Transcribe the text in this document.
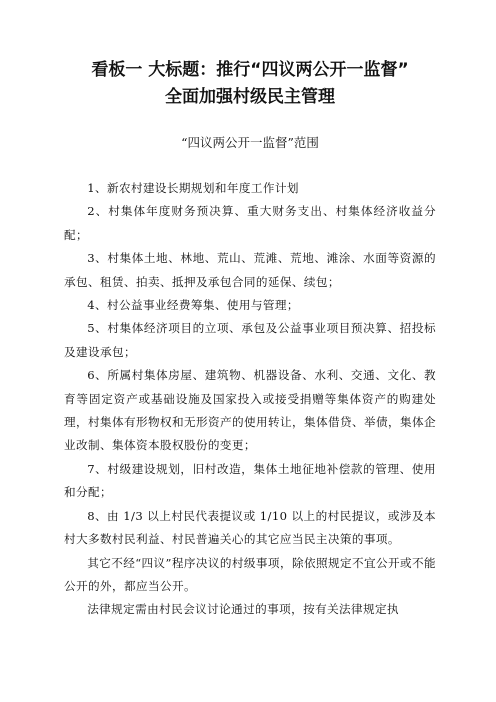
看板一 大标题：推行“四议两公开一监督”
全面加强村级民主管理
“四议两公开一监督”范围

1、新农村建设长期规划和年度工作计划

2、村集体年度财务预决算、重大财务支出、村集体经济收益分配；

3、村集体土地、林地、荒山、荒滩、荒地、滩涂、水面等资源的承包、租赁、拍卖、抵押及承包合同的延保、续包；

4、村公益事业经费筹集、使用与管理；

5、村集体经济项目的立项、承包及公益事业项目预决算、招投标及建设承包；

6、所属村集体房屋、建筑物、机器设备、水利、交通、文化、教育等固定资产或基础设施及国家投入或接受捐赠等集体资产的购建处理，村集体有形物权和无形资产的使用转让，集体借贷、举债，集体企业改制、集体资本股权股份的变更；

7、村级建设规划，旧村改造，集体土地征地补偿款的管理、使用和分配；

8、由 1/3 以上村民代表提议或 1/10 以上的村民提议，或涉及本村大多数村民利益、村民普遍关心的其它应当民主决策的事项。

其它不经“四议”程序决议的村级事项，除依照规定不宜公开或不能公开的外，都应当公开。

法律规定需由村民会议讨论通过的事项，按有关法律规定执
